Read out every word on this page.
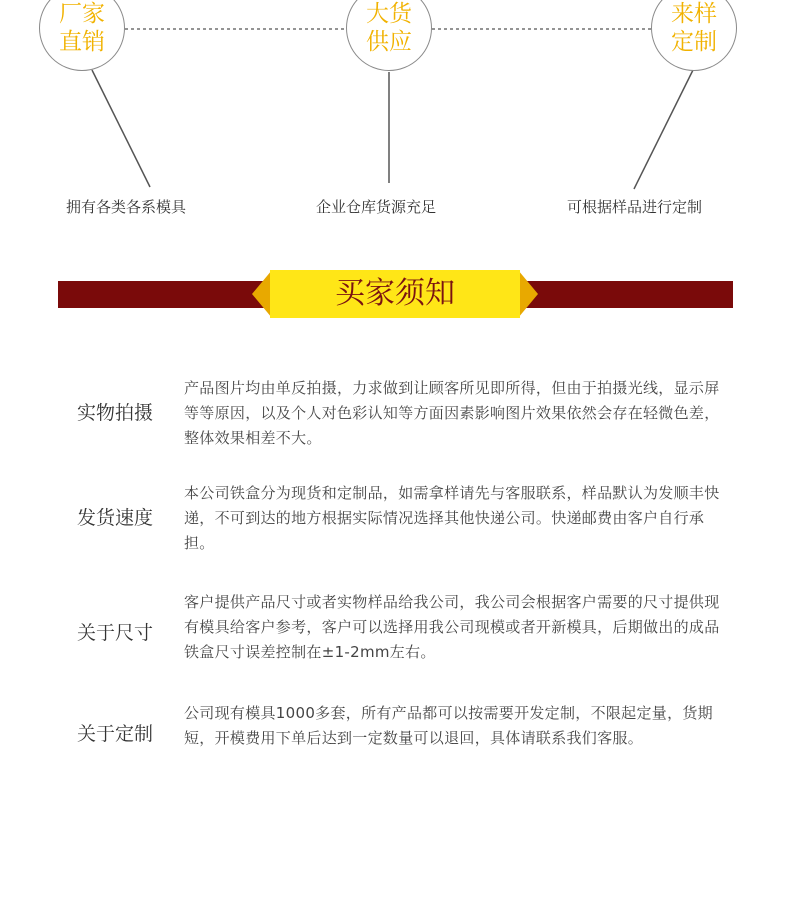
厂家
直销
大货
供应
来样
定制
拥有各类各系模具	企业仓库货源充足	可根据样品进行定制
买家须知
实物拍摄
产品图片均由单反拍摄，力求做到让顾客所见即所得，但由于拍摄光线，显示屏等等原因，以及个人对色彩认知等方面因素影响图片效果依然会存在轻微色差，整体效果相差不大。
发货速度
本公司铁盒分为现货和定制品，如需拿样请先与客服联系，样品默认为发顺丰快递，不可到达的地方根据实际情况选择其他快递公司。快递邮费由客户自行承担。
关于尺寸
客户提供产品尺寸或者实物样品给我公司，我公司会根据客户需要的尺寸提供现有模具给客户参考，客户可以选择用我公司现模或者开新模具，后期做出的成品铁盒尺寸误差控制在±1-2mm左右。
关于定制
公司现有模具1000多套，所有产品都可以按需要开发定制，不限起定量，货期短，开模费用下单后达到一定数量可以退回，具体请联系我们客服。
